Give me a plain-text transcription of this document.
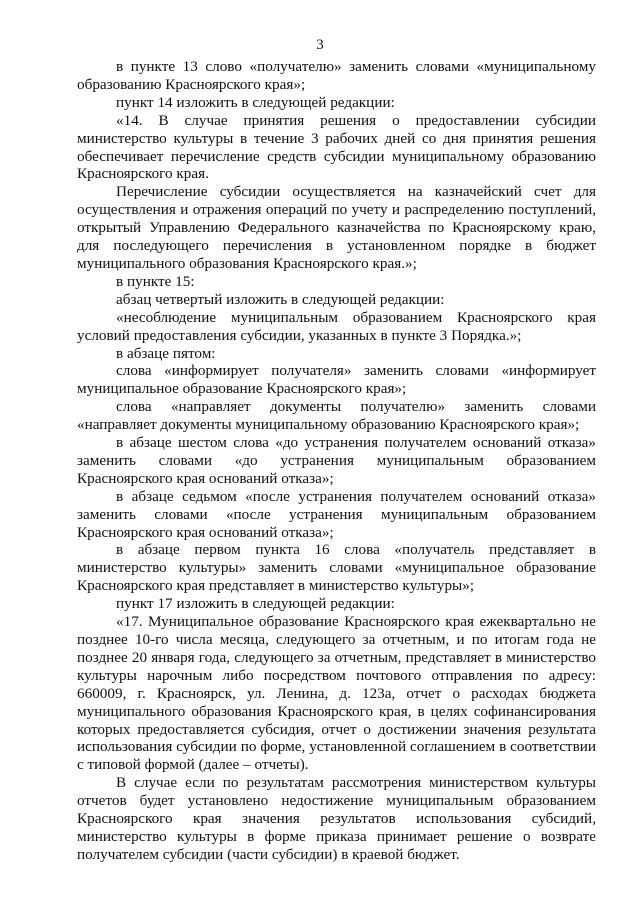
3

в пункте 13 слово «получателю» заменить словами «муниципальному образованию Красноярского края»;

пункт 14 изложить в следующей редакции:

«14. В случае принятия решения о предоставлении субсидии министерство культуры в течение 3 рабочих дней со дня принятия решения обеспечивает перечисление средств субсидии муниципальному образованию Красноярского края.

Перечисление субсидии осуществляется на казначейский счет для осуществления и отражения операций по учету и распределению поступлений, открытый Управлению Федерального казначейства по Красноярскому краю, для последующего перечисления в установленном порядке в бюджет муниципального образования Красноярского края.»;

в пункте 15:

абзац четвертый изложить в следующей редакции:

«несоблюдение муниципальным образованием Красноярского края условий предоставления субсидии, указанных в пункте 3 Порядка.»;

в абзаце пятом:

слова «информирует получателя» заменить словами «информирует муниципальное образование Красноярского края»;

слова «направляет документы получателю» заменить словами «направляет документы муниципальному образованию Красноярского края»;

в абзаце шестом слова «до устранения получателем оснований отказа» заменить словами «до устранения муниципальным образованием Красноярского края оснований отказа»;

в абзаце седьмом «после устранения получателем оснований отказа» заменить словами «после устранения муниципальным образованием Красноярского края оснований отказа»;

в абзаце первом пункта 16 слова «получатель представляет в министерство культуры» заменить словами «муниципальное образование Красноярского края представляет в министерство культуры»;

пункт 17 изложить в следующей редакции:

«17. Муниципальное образование Красноярского края ежеквартально не позднее 10-го числа месяца, следующего за отчетным, и по итогам года не позднее 20 января года, следующего за отчетным, представляет в министерство культуры нарочным либо посредством почтового отправления по адресу: 660009, г. Красноярск, ул. Ленина, д. 123а, отчет о расходах бюджета муниципального образования Красноярского края, в целях софинансирования которых предоставляется субсидия, отчет о достижении значения результата использования субсидии по форме, установленной соглашением в соответствии с типовой формой (далее – отчеты).

В случае если по результатам рассмотрения министерством культуры отчетов будет установлено недостижение муниципальным образованием Красноярского края значения результатов использования субсидий, министерство культуры в форме приказа принимает решение о возврате получателем субсидии (части субсидии) в краевой бюджет.
